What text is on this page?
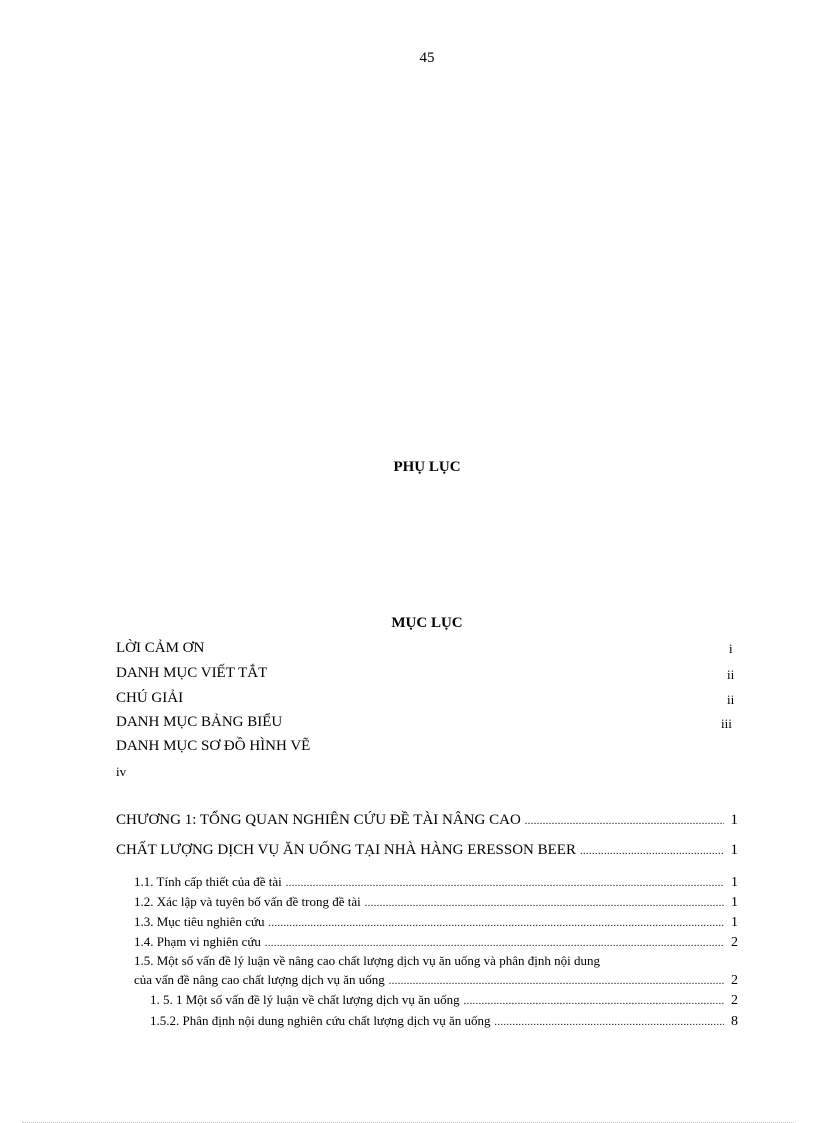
45
PHỤ LỤC
MỤC LỤC
LỜI CẢM ƠN	i
DANH MỤC VIẾT TẮT	ii
CHÚ GIẢI	ii
DANH MỤC BẢNG BIỂU	iii
DANH MỤC SƠ ĐỒ HÌNH VẼ
iv
CHƯƠNG 1: TỔNG QUAN NGHIÊN CỨU ĐỀ TÀI NÂNG CAO .....	1
CHẤT LƯỢNG DỊCH VỤ ĂN UỐNG TẠI NHÀ HÀNG ERESSON BEER .....	1
1.1. Tính cấp thiết của đề tài .....	1
1.2. Xác lập và tuyên bố vấn đề trong đề tài .....	1
1.3. Mục tiêu nghiên cứu .....	1
1.4. Phạm vi nghiên cứu .....	2
1.5. Một số vấn đề lý luận về nâng cao chất lượng dịch vụ ăn uống và phân định nội dung
của vấn đề nâng cao chất lượng dịch vụ ăn uống .....	2
1. 5. 1 Một số vấn đề lý luận về chất lượng dịch vụ ăn uống .....	2
1.5.2. Phân định nội dung nghiên cứu chất lượng dịch vụ ăn uống .....	8
